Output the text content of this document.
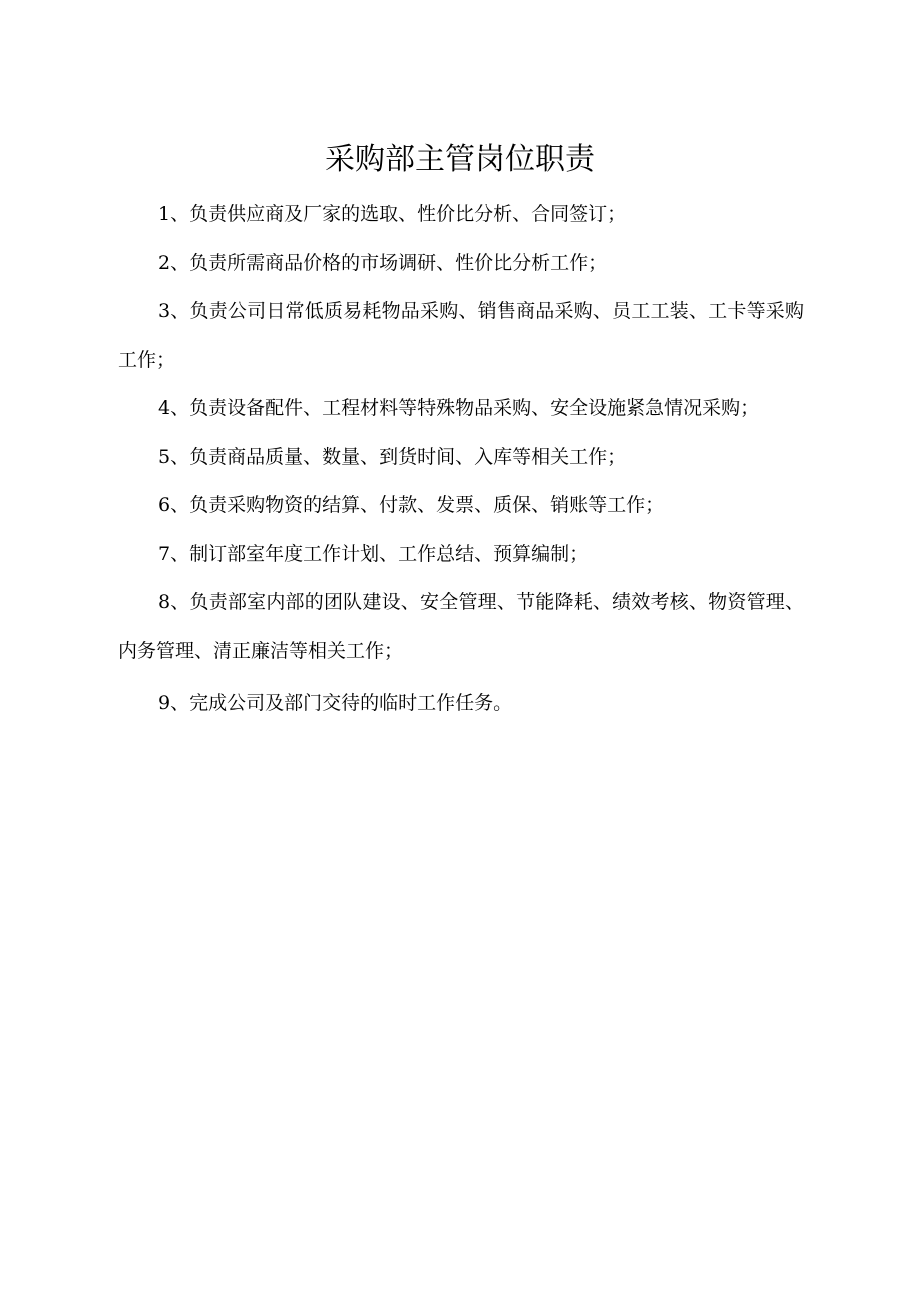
采购部主管岗位职责

1、负责供应商及厂家的选取、性价比分析、合同签订；

2、负责所需商品价格的市场调研、性价比分析工作；

3、负责公司日常低质易耗物品采购、销售商品采购、员工工装、工卡等采购工作；

4、负责设备配件、工程材料等特殊物品采购、安全设施紧急情况采购；

5、负责商品质量、数量、到货时间、入库等相关工作；

6、负责采购物资的结算、付款、发票、质保、销账等工作；

7、制订部室年度工作计划、工作总结、预算编制；

8、负责部室内部的团队建设、安全管理、节能降耗、绩效考核、物资管理、内务管理、清正廉洁等相关工作；

9、完成公司及部门交待的临时工作任务。
